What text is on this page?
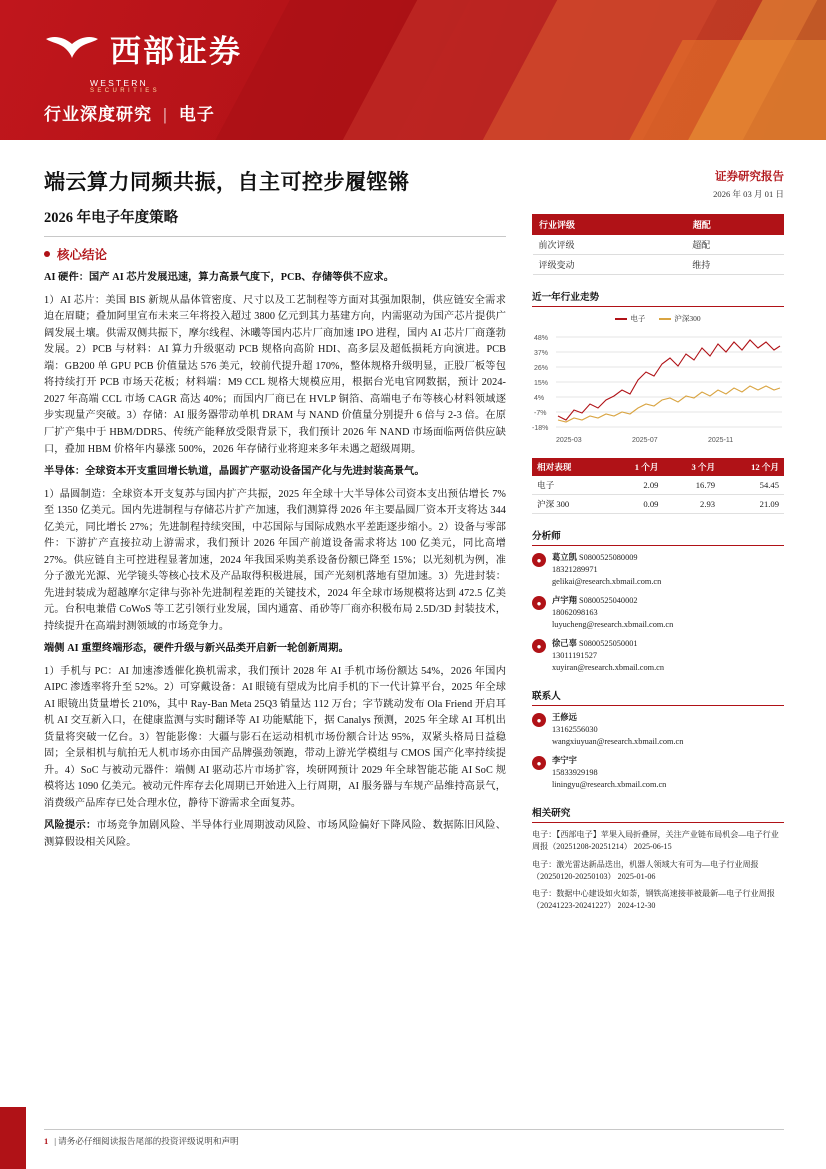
西部证券
WESTERN
SECURITIES
行业深度研究 | 电子
端云算力同频共振，自主可控步履铿锵
2026 年电子年度策略
核心结论

AI 硬件：国产 AI 芯片发展迅速，算力高景气度下，PCB、存储等供不应求。

1）AI 芯片：美国 BIS 新规从晶体管密度、尺寸以及工艺制程等方面对其强加限制，供应链安全需求迫在眉睫；叠加阿里宣布未来三年将投入超过 3800 亿元到其力基建方向，内需驱动为国产芯片提供广阔发展土壤。供需双侧共振下，摩尔线程、沐曦等国内芯片厂商加速 IPO 进程，国内 AI 芯片厂商蓬勃发展。2）PCB 与材料：AI 算力升级驱动 PCB 规格向高阶 HDI、高多层及超低损耗方向演进。PCB 端：GB200 单 GPU PCB 价值量达 576 美元，较前代提升超 170%，整体规格升级明显，正股厂板等包将持续打开 PCB 市场天花板；材料端：M9 CCL 规格大规模应用，根据台光电官网数据，预计 2024-2027 年高端 CCL 市场 CAGR 高达 40%；而国内厂商已在 HVLP 铜箔、高端电子布等核心材料领域逐步实现量产突破。3）存储：AI 服务器带动单机 DRAM 与 NAND 价值量分别提升 6 倍与 2-3 倍。在原厂扩产集中于 HBM/DDR5、传统产能释放受限背景下，我们预计 2026 年 NAND 市场面临两倍供应缺口，叠加 HBM 价格年内暴涨 500%，2026 年存储行业将迎来多年未遇之超级周期。

半导体：全球资本开支重回增长轨道，晶圆扩产驱动设备国产化与先进封装高景气。

1）晶圆制造：全球资本开支复苏与国内扩产共振，2025 年全球十大半导体公司资本支出预估增长 7% 至 1350 亿美元。国内先进制程与存储芯片扩产加速，我们测算得 2026 年主要晶圆厂资本开支将达 344 亿美元，同比增长 27%；先进制程持续突围，中芯国际与国际成熟水平差距逐步缩小。2）设备与零部件：下游扩产直接拉动上游需求，我们预计 2026 年国产前道设备需求将达 100 亿美元，同比高增 27%。供应链自主可控进程显著加速，2024 年我国采购美系设备份额已降至 15%；以光刻机为例，准分子激光光源、光学镜头等核心技术及产品取得积极进展，国产光刻机落地有望加速。3）先进封装：先进封装成为超越摩尔定律与弥补先进制程差距的关键技术，2024 年全球市场规模将达到 472.5 亿美元。台积电兼借 CoWoS 等工艺引领行业发展，国内通富、甬砂等厂商亦积极布局 2.5D/3D 封装技术，持续提升在高端封测领域的市场竞争力。

端侧 AI 重塑终端形态，硬件升级与新兴品类开启新一轮创新周期。

1）手机与 PC：AI 加速渗透催化换机需求，我们预计 2028 年 AI 手机市场份额达 54%，2026 年国内 AIPC 渗透率将升至 52%。2）可穿戴设备：AI 眼镜有望成为比肩手机的下一代计算平台，2025 年全球 AI 眼镜出货量增长 210%，其中 Ray-Ban Meta 25Q3 销量达 112 万台；字节跳动发布 Ola Friend 开启耳机 AI 交互新入口，在健康监测与实时翻译等 AI 功能赋能下，据 Canalys 预测，2025 年全球 AI 耳机出货量将突破一亿台。3）智能影像：大疆与影石在运动相机市场份额合计达 95%，双紧头格局日益稳固；全景相机与航拍无人机市场亦由国产品牌强劲领跑，带动上游光学模组与 CMOS 国产化率持续提升。4）SoC 与被动元器件：端侧 AI 驱动芯片市场扩容，埃研网预计 2029 年全球智能芯能 AI SoC 规模将达 1090 亿美元。被动元件库存去化周期已开始进入上行周期，AI 服务器与车规产品维持高景气，消费级产品库存已处合理水位，静待下游需求全面复苏。

风险提示：市场竞争加剧风险、半导体行业周期波动风险、市场风险偏好下降风险、数据陈旧风险、测算假设相关风险。

证券研究报告
2026 年 03 月 01 日
行业评级	超配
前次评级	超配
评级变动	维持
近一年行业走势
电子	沪深300
48%
37%
26%
15%
4%
-7%
-18%
2025-03	2025-07	2025-11
相对表现	1 个月	3 个月	12 个月
电子	2.09	16.79	54.45
沪深 300	0.09	2.93	21.09
分析师
●	葛立凯 S0800525080009
18321289971
gelikai@research.xbmail.com.cn
●	卢宇翔 S0800525040002
18062098163
luyucheng@research.xbmail.com.cn
●	徐己辜 S0800525050001
13011191527
xuyiran@research.xbmail.com.cn
联系人
●	王修远
13162556030
wangxiuyuan@research.xbmail.com.cn
●	李宁宇
15833929198
liningyu@research.xbmail.com.cn
相关研究
电子：【西部电子】苹果入局折叠屏，关注产业链布局机会—电子行业周报（20251208-20251214） 2025-06-15
电子：激光雷达新品迭出，机器人领域大有可为—电子行业周报（20250120-20250103） 2025-01-06
电子：数据中心建设如火如荼，钢铁高速接菲被最新—电子行业周报（20241223-20241227） 2024-12-30
1 | 请务必仔细阅读报告尾部的投资评级说明和声明
